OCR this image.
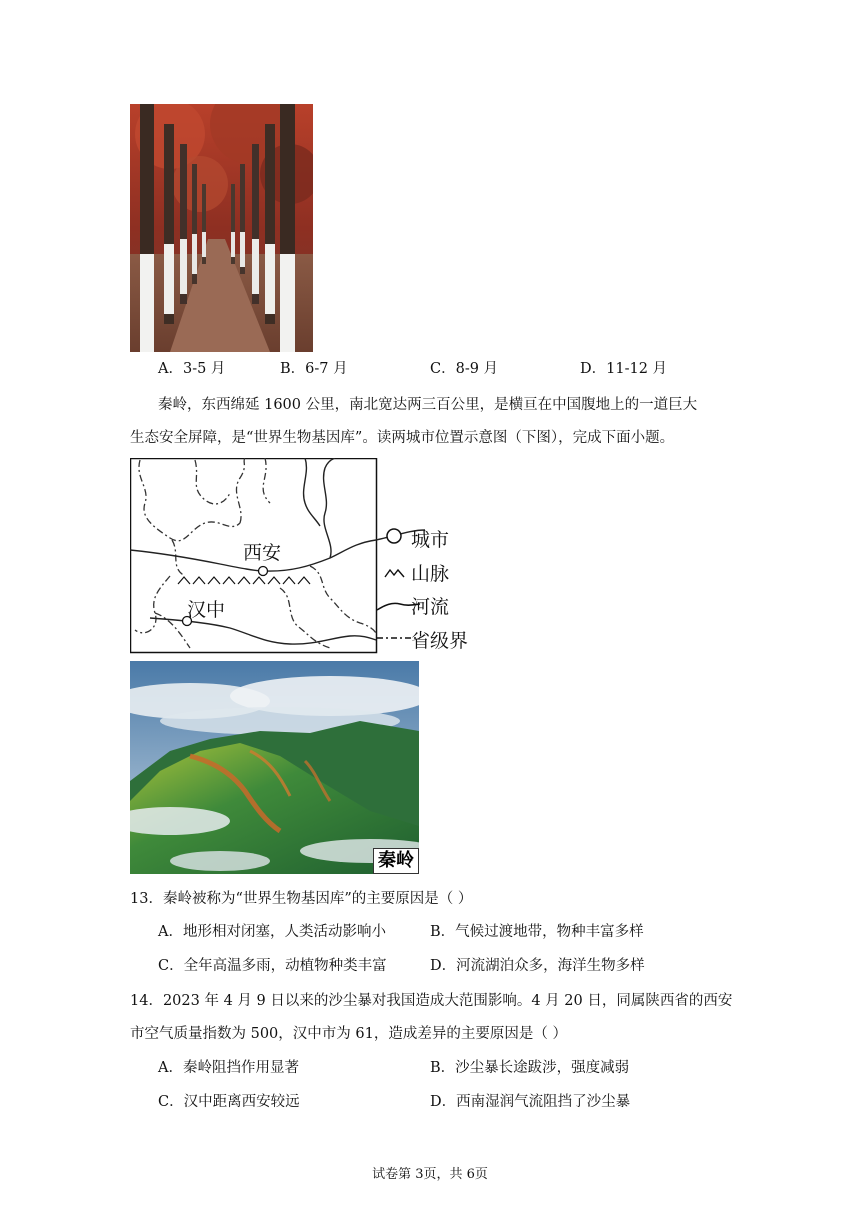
A．3-5 月	B．6-7 月	C．8-9 月	D．11-12 月
秦岭，东西绵延 1600 公里，南北宽达两三百公里，是横亘在中国腹地上的一道巨大
生态安全屏障，是“世界生物基因库”。读两城市位置示意图（下图），完成下面小题。
西安
汉中
城市
山脉
河流
省级界
秦岭
13．秦岭被称为“世界生物基因库”的主要原因是（ ）
A．地形相对闭塞，人类活动影响小	B．气候过渡地带，物种丰富多样
C．全年高温多雨，动植物种类丰富	D．河流湖泊众多，海洋生物多样
14．2023 年 4 月 9 日以来的沙尘暴对我国造成大范围影响。4 月 20 日，同属陕西省的西安
市空气质量指数为 500，汉中市为 61，造成差异的主要原因是（ ）
A．秦岭阻挡作用显著	B．沙尘暴长途跋涉，强度减弱
C．汉中距离西安较远	D．西南湿润气流阻挡了沙尘暴
试卷第 3页，共 6页
